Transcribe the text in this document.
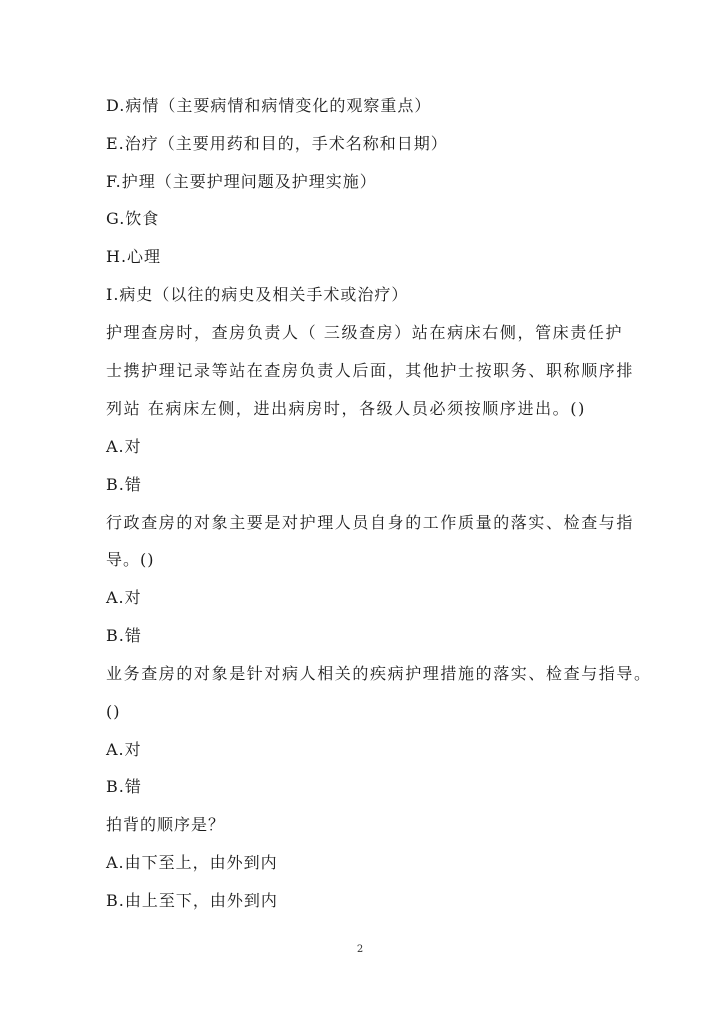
D.病情（主要病情和病情变化的观察重点）
E.治疗（主要用药和目的，手术名称和日期）
F.护理（主要护理问题及护理实施）
G.饮食
H.心理
I.病史（以往的病史及相关手术或治疗）
护理查房时，查房负责人（ 三级查房）站在病床右侧，管床责任护
士携护理记录等站在查房负责人后面，其他护士按职务、职称顺序排
列站 在病床左侧，进出病房时，各级人员必须按顺序进出。()
A.对
B.错
行政查房的对象主要是对护理人员自身的工作质量的落实、检查与指
导。()
A.对
B.错
业务查房的对象是针对病人相关的疾病护理措施的落实、检查与指导。
()
A.对
B.错
拍背的顺序是？
A.由下至上，由外到内
B.由上至下，由外到内
2
